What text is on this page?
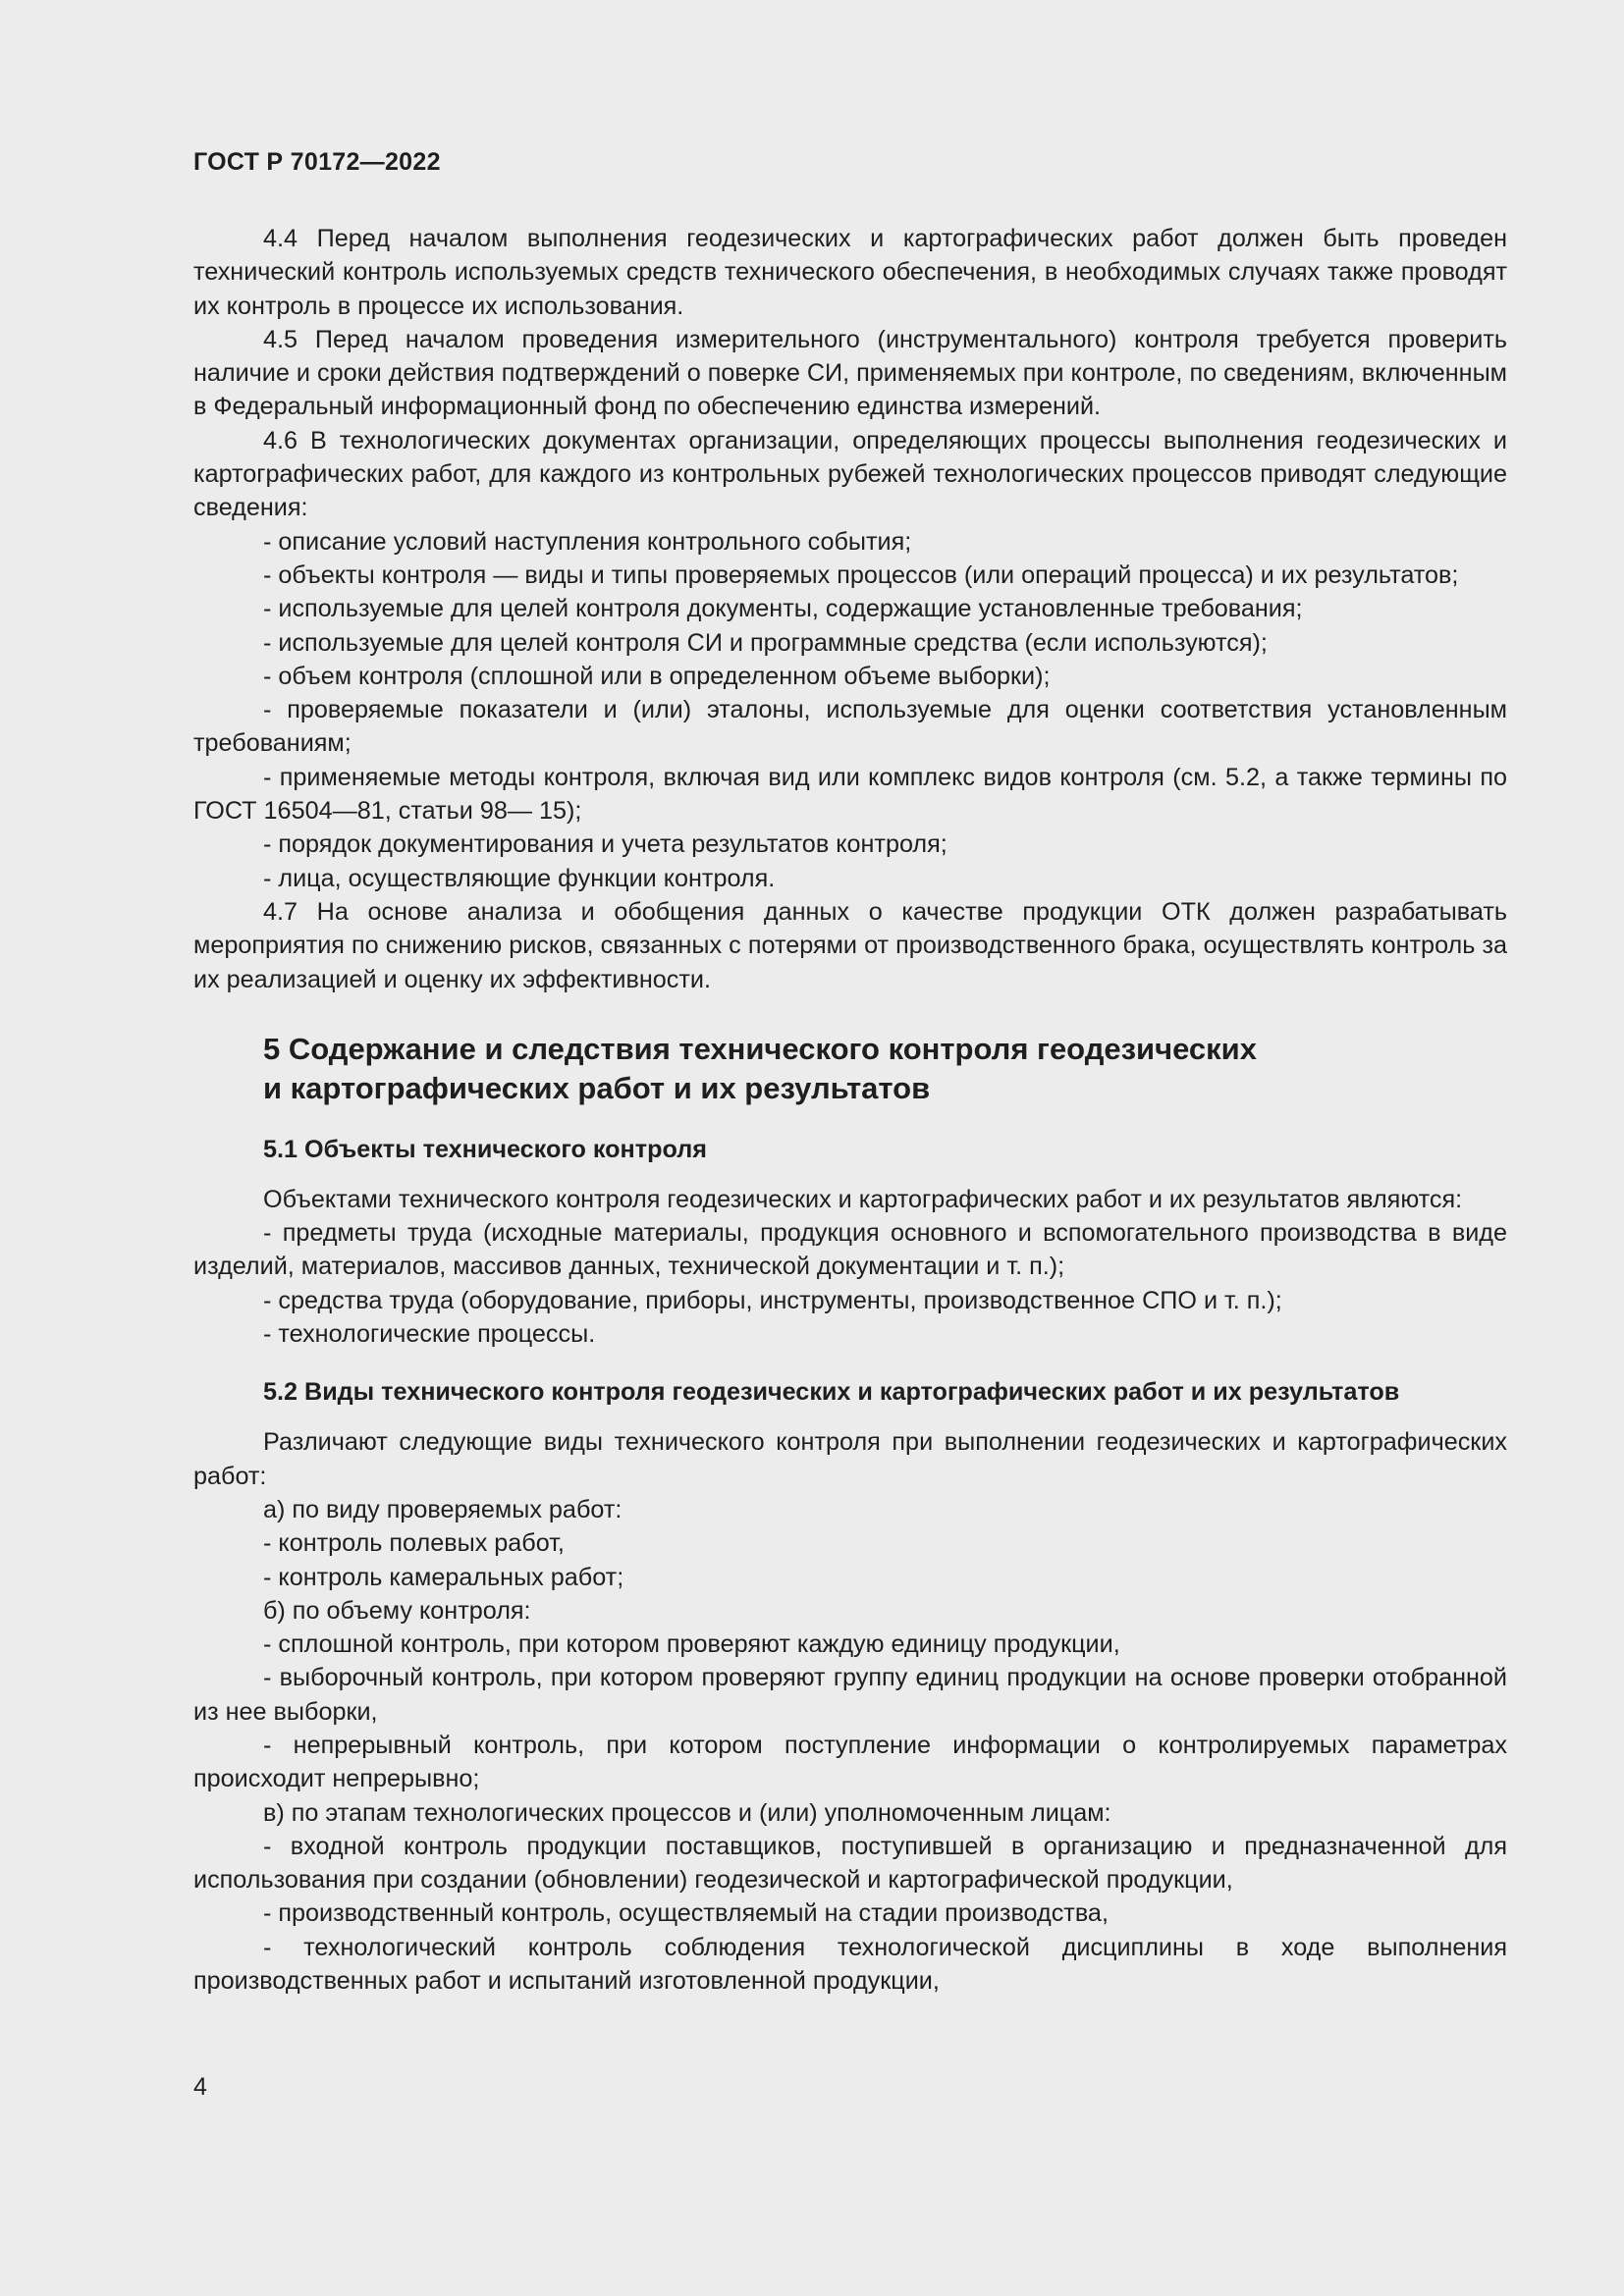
ГОСТ Р 70172—2022

4.4 Перед началом выполнения геодезических и картографических работ должен быть проведен технический контроль используемых средств технического обеспечения, в необходимых случаях также проводят их контроль в процессе их использования.

4.5 Перед началом проведения измерительного (инструментального) контроля требуется проверить наличие и сроки действия подтверждений о поверке СИ, применяемых при контроле, по сведениям, включенным в Федеральный информационный фонд по обеспечению единства измерений.

4.6 В технологических документах организации, определяющих процессы выполнения геодезических и картографических работ, для каждого из контрольных рубежей технологических процессов приводят следующие сведения:

- описание условий наступления контрольного события;

- объекты контроля — виды и типы проверяемых процессов (или операций процесса) и их результатов;

- используемые для целей контроля документы, содержащие установленные требования;

- используемые для целей контроля СИ и программные средства (если используются);

- объем контроля (сплошной или в определенном объеме выборки);

- проверяемые показатели и (или) эталоны, используемые для оценки соответствия установленным требованиям;

- применяемые методы контроля, включая вид или комплекс видов контроля (см. 5.2, а также термины по ГОСТ 16504—81, статьи 98— 15);

- порядок документирования и учета результатов контроля;

- лица, осуществляющие функции контроля.

4.7 На основе анализа и обобщения данных о качестве продукции ОТК должен разрабатывать мероприятия по снижению рисков, связанных с потерями от производственного брака, осуществлять контроль за их реализацией и оценку их эффективности.

5 Содержание и следствия технического контроля геодезических
и картографических работ и их результатов
5.1 Объекты технического контроля

Объектами технического контроля геодезических и картографических работ и их результатов являются:

- предметы труда (исходные материалы, продукция основного и вспомогательного производства в виде изделий, материалов, массивов данных, технической документации и т. п.);

- средства труда (оборудование, приборы, инструменты, производственное СПО и т. п.);

- технологические процессы.

5.2 Виды технического контроля геодезических и картографических работ и их результатов

Различают следующие виды технического контроля при выполнении геодезических и картографических работ:

а) по виду проверяемых работ:

- контроль полевых работ,

- контроль камеральных работ;

б) по объему контроля:

- сплошной контроль, при котором проверяют каждую единицу продукции,

- выборочный контроль, при котором проверяют группу единиц продукции на основе проверки отобранной из нее выборки,

- непрерывный контроль, при котором поступление информации о контролируемых параметрах происходит непрерывно;

в) по этапам технологических процессов и (или) уполномоченным лицам:

- входной контроль продукции поставщиков, поступившей в организацию и предназначенной для использования при создании (обновлении) геодезической и картографической продукции,

- производственный контроль, осуществляемый на стадии производства,

- технологический контроль соблюдения технологической дисциплины в ходе выполнения производственных работ и испытаний изготовленной продукции,

4
